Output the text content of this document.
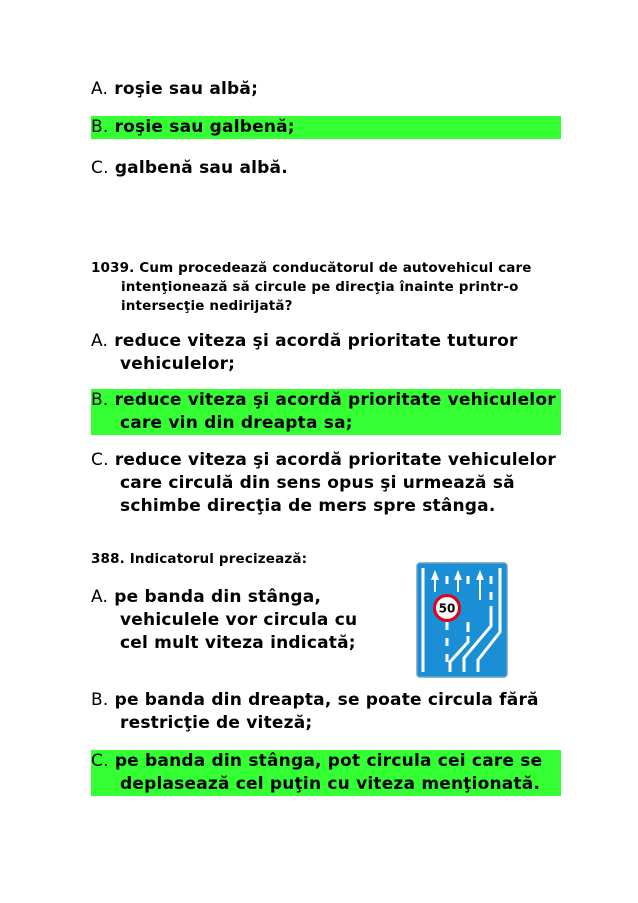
A. roşie sau albă;
B. roşie sau galbenă;
C. galbenă sau albă.
1039. Cum procedează conducătorul de autovehicul care intenţionează să circule pe direcţia înainte printr-o intersecţie nedirijată?
A. reduce viteza şi acordă prioritate tuturor vehiculelor;
B. reduce viteza şi acordă prioritate vehiculelor care vin din dreapta sa;
C. reduce viteza şi acordă prioritate vehiculelor care circulă din sens opus şi urmează să schimbe direcţia de mers spre stânga.
388. Indicatorul precizează:
A. pe banda din stânga, vehiculele vor circula cu cel mult viteza indicată;
50
B. pe banda din dreapta, se poate circula fără restricţie de viteză;
C. pe banda din stânga, pot circula cei care se deplasează cel puţin cu viteza menţionată.
